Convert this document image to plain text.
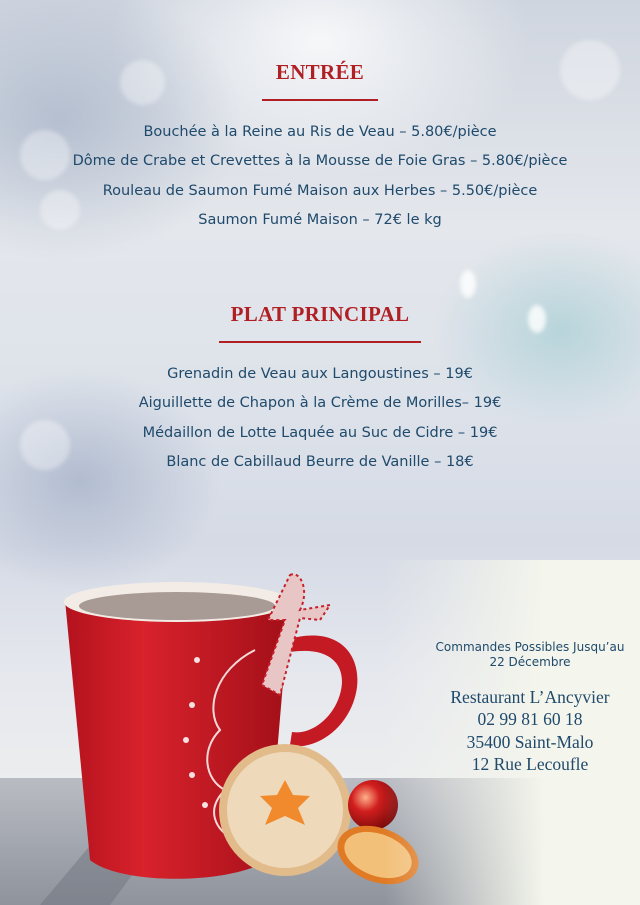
ENTRÉE
Bouchée à la Reine au Ris de Veau – 5.80€/pièce
Dôme de Crabe et Crevettes à la Mousse de Foie Gras – 5.80€/pièce
Rouleau de Saumon Fumé Maison aux Herbes – 5.50€/pièce
Saumon Fumé Maison – 72€ le kg
PLAT PRINCIPAL
Grenadin de Veau aux Langoustines – 19€
Aiguillette de Chapon à la Crème de Morilles– 19€
Médaillon de Lotte Laquée au Suc de Cidre – 19€
Blanc de Cabillaud Beurre de Vanille – 18€
Commandes Possibles Jusqu’au
22 Décembre
Restaurant L’Ancyvier
02 99 81 60 18
35400 Saint-Malo
12 Rue Lecoufle
